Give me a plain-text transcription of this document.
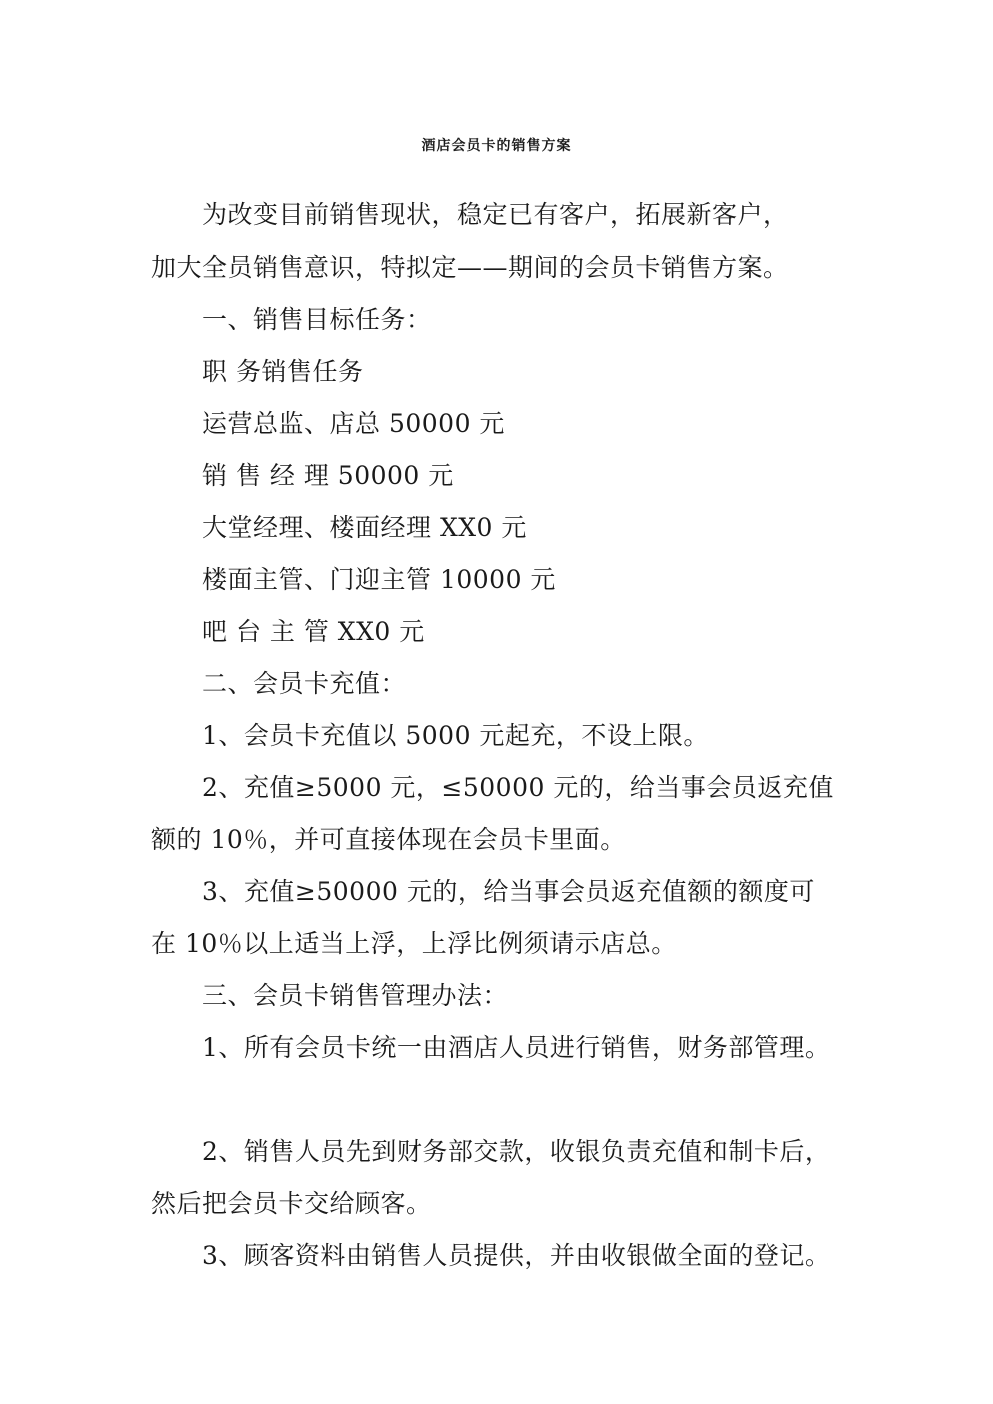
酒店会员卡的销售方案
为改变目前销售现状，稳定已有客户，拓展新客户，
加大全员销售意识，特拟定——期间的会员卡销售方案。
一、销售目标任务：
职 务销售任务
运营总监、店总 50000 元
销 售 经 理 50000 元
大堂经理、楼面经理 XX0 元
楼面主管、门迎主管 10000 元
吧 台 主 管 XX0 元
二、会员卡充值：
1、会员卡充值以 5000 元起充，不设上限。
2、充值≥5000 元，≤50000 元的，给当事会员返充值
额的 10％，并可直接体现在会员卡里面。
3、充值≥50000 元的，给当事会员返充值额的额度可
在 10％以上适当上浮，上浮比例须请示店总。
三、会员卡销售管理办法：
1、所有会员卡统一由酒店人员进行销售，财务部管理。
2、销售人员先到财务部交款，收银负责充值和制卡后，
然后把会员卡交给顾客。
3、顾客资料由销售人员提供，并由收银做全面的登记。
